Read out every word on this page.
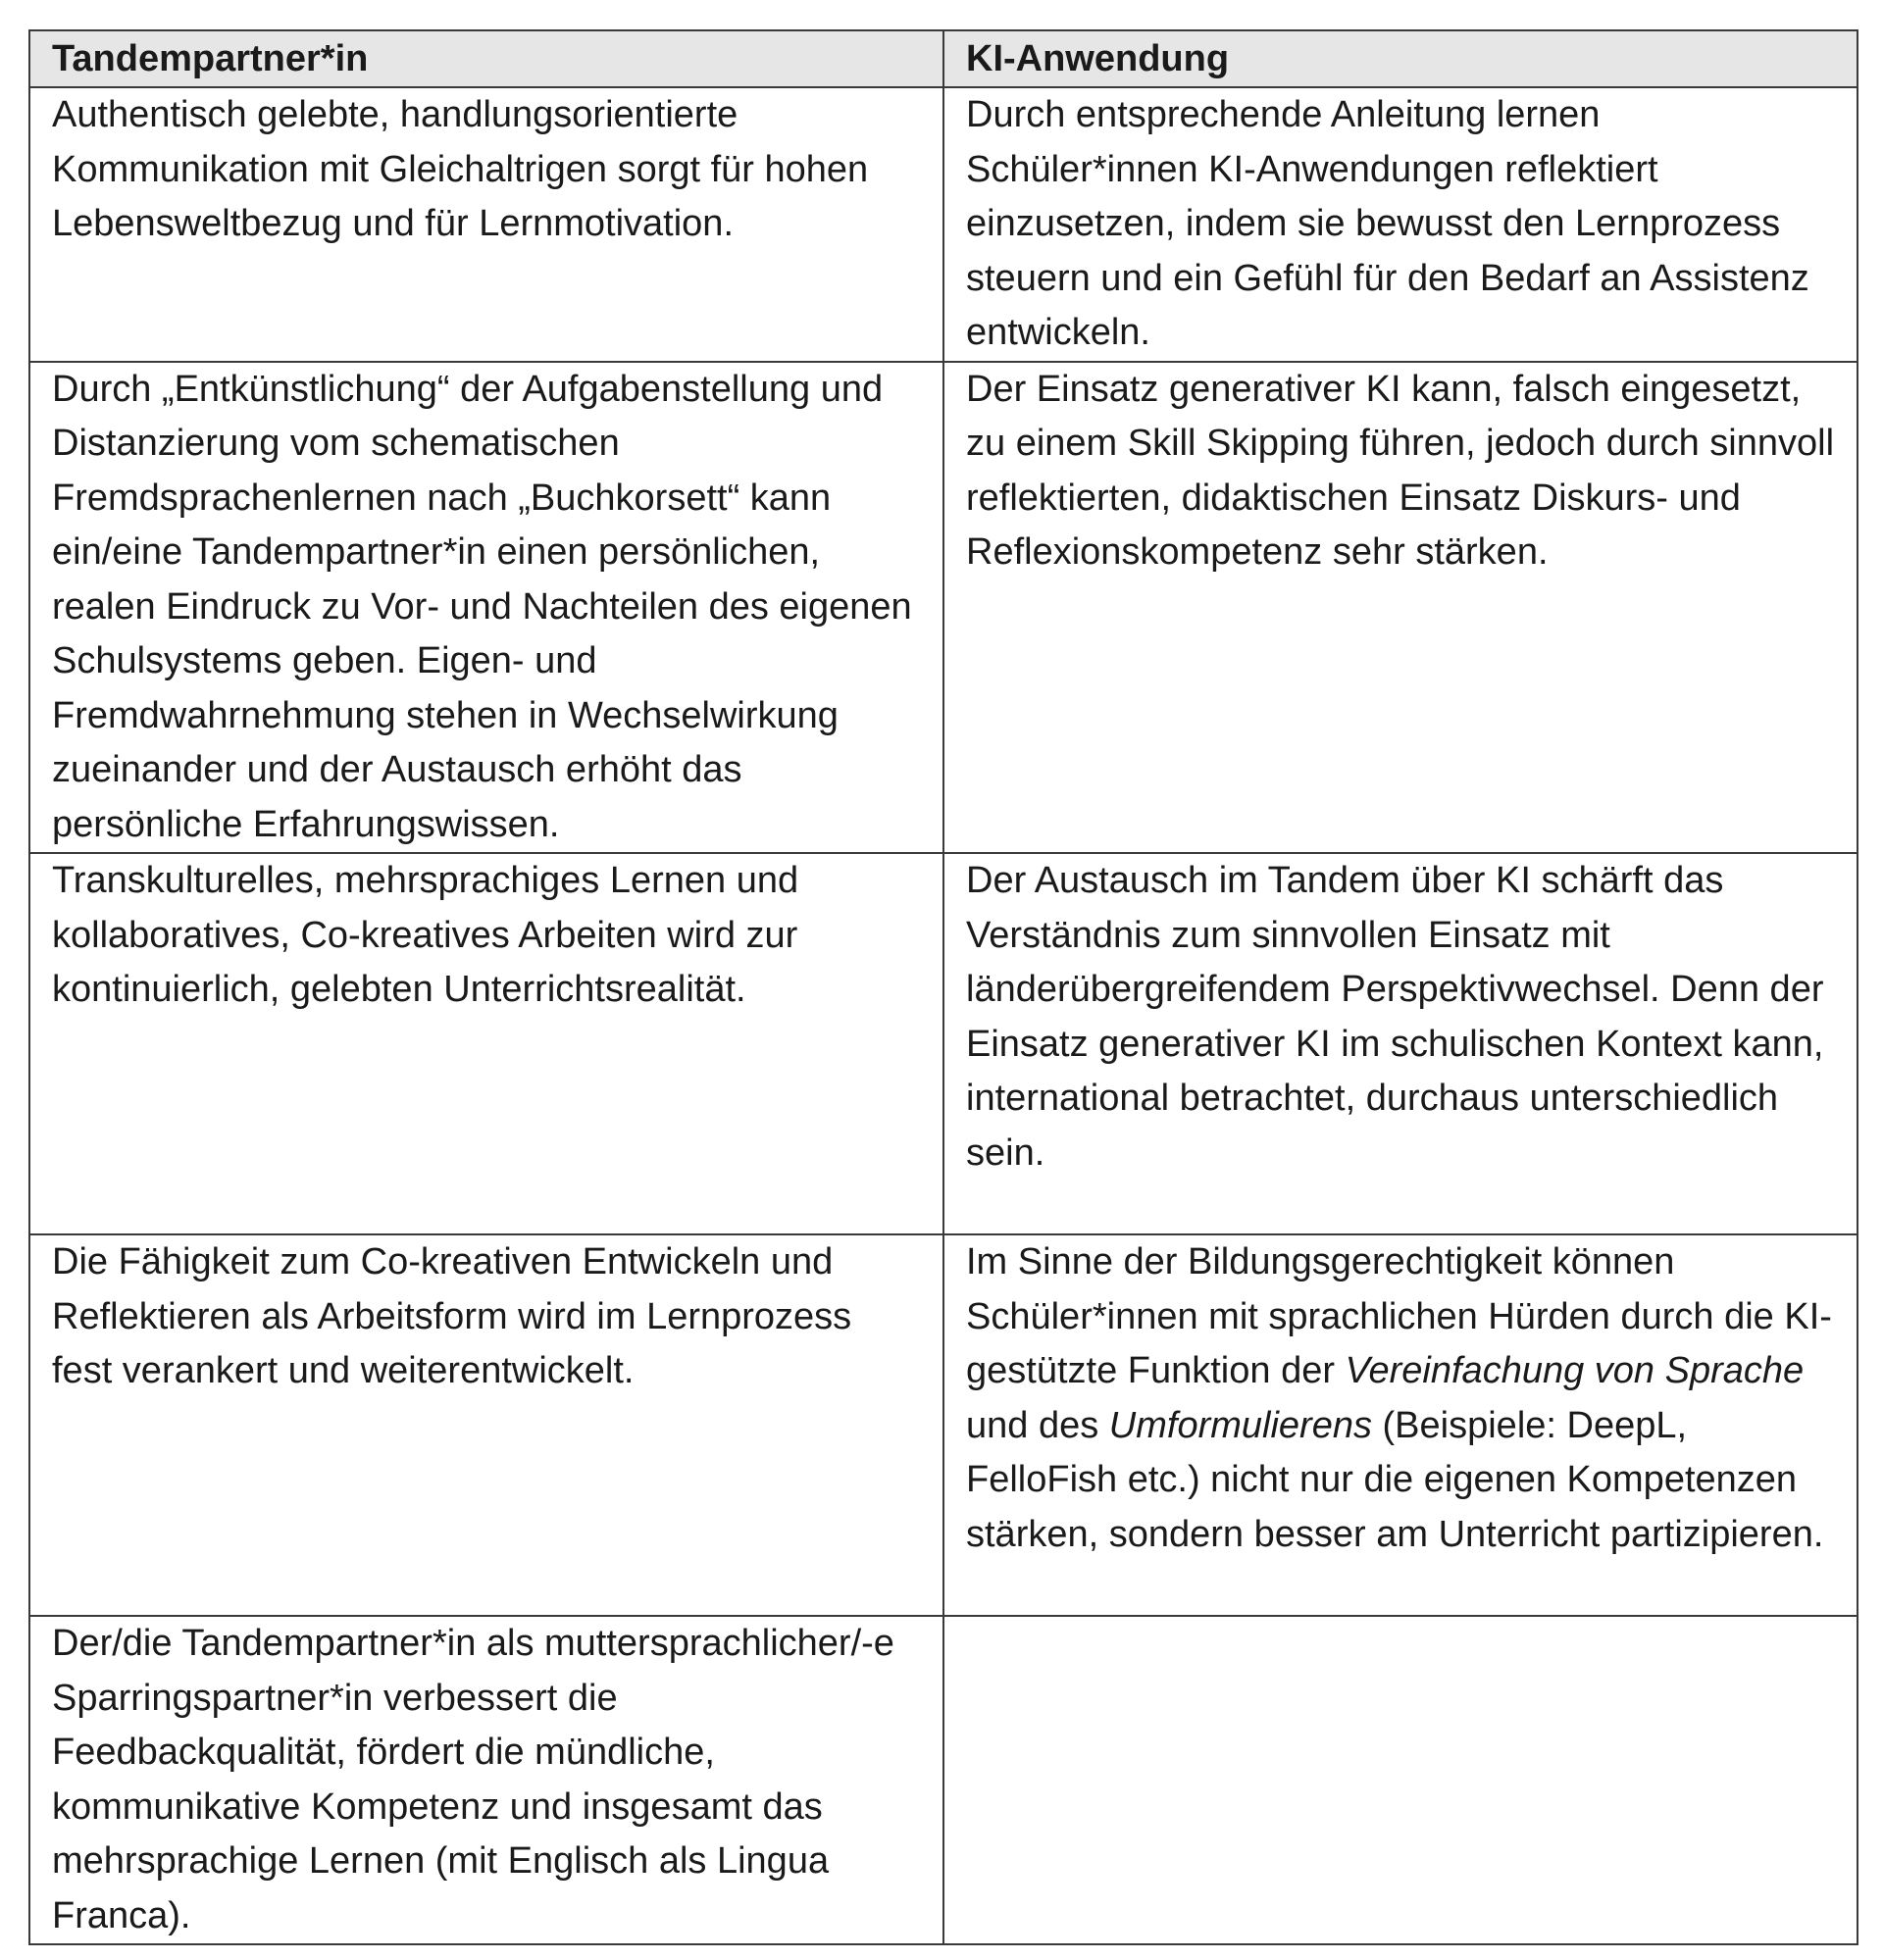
Tandempartner*in	KI-Anwendung

Authentisch gelebte, handlungsorientierte Kommunikation mit Gleichaltrigen sorgt für hohen Lebensweltbezug und für Lernmotivation.	Durch entsprechende Anleitung lernen Schüler*innen KI-Anwendungen reflektiert einzusetzen, indem sie bewusst den Lernprozess steuern und ein Gefühl für den Bedarf an Assistenz entwickeln.

Durch „Entkünstlichung“ der Aufgabenstellung und Distanzierung vom schematischen Fremdsprachenlernen nach „Buchkorsett“ kann ein/eine Tandempartner*in einen persönlichen, realen Eindruck zu Vor- und Nachteilen des eigenen Schulsystems geben. Eigen- und Fremdwahrnehmung stehen in Wechselwirkung zueinander und der Austausch erhöht das persönliche Erfahrungswissen.	Der Einsatz generativer KI kann, falsch eingesetzt, zu einem Skill Skipping führen, jedoch durch sinnvoll reflektierten, didaktischen Einsatz Diskurs- und Reflexionskompetenz sehr stärken.

Transkulturelles, mehrsprachiges Lernen und kollaboratives, Co-kreatives Arbeiten wird zur kontinuierlich, gelebten Unterrichtsrealität.	Der Austausch im Tandem über KI schärft das Verständnis zum sinnvollen Einsatz mit länderübergreifendem Perspektivwechsel. Denn der Einsatz generativer KI im schulischen Kontext kann, international betrachtet, durchaus unterschiedlich sein.

Die Fähigkeit zum Co-kreativen Entwickeln und Reflektieren als Arbeitsform wird im Lernprozess fest verankert und weiterentwickelt.	Im Sinne der Bildungsgerechtigkeit können Schüler*innen mit sprachlichen Hürden durch die KI-gestützte Funktion der Vereinfachung von Sprache und des Umformulierens (Beispiele: DeepL, FelloFish etc.) nicht nur die eigenen Kompetenzen stärken, sondern besser am Unterricht partizipieren.

Der/die Tandempartner*in als muttersprachlicher/-e Sparringspartner*in verbessert die Feedbackqualität, fördert die mündliche, kommunikative Kompetenz und insgesamt das mehrsprachige Lernen (mit Englisch als Lingua Franca).	
